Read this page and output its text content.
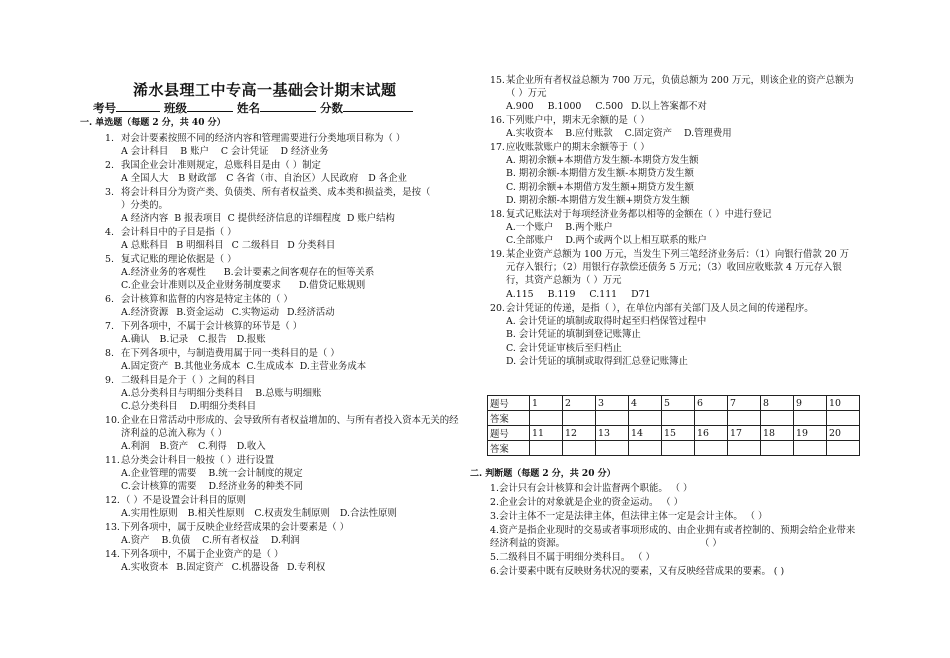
浠水县理工中专高一基础会计期末试题
考号	班级	姓名	分数
一. 单选题（每题 2 分，共 40 分）
1. 对会计要素按照不同的经济内容和管理需要进行分类地项目称为（ ）
A 会计科目 B 账户 C 会计凭证 D 经济业务
2. 我国企业会计准则规定，总账科目是由（ ）制定
A 全国人大 B 财政部 C 各省（市、自治区）人民政府 D 各企业
3. 将会计科目分为资产类、负债类、所有者权益类、成本类和损益类，是按（ ）分类的。
A 经济内容 B 报表项目 C 提供经济信息的详细程度 D 账户结构
4. 会计科目中的子目是指（ ）
A 总账科目 B 明细科目 C 二级科目 D 分类科目
5. 复式记账的理论依据是（ ）
A.经济业务的客观性 B.会计要素之间客观存在的恒等关系
C.企业会计准则以及企业财务制度要求 D.借贷记账规则
6. 会计核算和监督的内容是特定主体的（ ）
A.经济资源 B.资金运动 C.实物运动 D.经济活动
7. 下列各项中，不属于会计核算的环节是（ ）
A.确认 B.记录 C.报告 D.报账
8. 在下列各项中，与制造费用属于同一类科目的是（ ）
A.固定资产 B.其他业务成本 C.生成成本 D.主营业务成本
9. 二级科目是介于（ ）之间的科目
A.总分类科目与明细分类科目 B.总账与明细账
C.总分类科目 D.明细分类科目
10. 企业在日常活动中形成的、会导致所有者权益增加的、与所有者投入资本无关的经济利益的总流入称为（ ）
A.利润 B.资产 C.利得 D.收入
11. 总分类会计科目一般按（ ）进行设置
A.企业管理的需要 B.统一会计制度的规定
C.会计核算的需要 D.经济业务的种类不同
12. （ ）不是设置会计科目的原则
A.实用性原则 B.相关性原则 C.权责发生制原则 D.合法性原则
13. 下列各项中，属于反映企业经营成果的会计要素是（ ）
A.资产 B.负债 C.所有者权益 D.利润
14. 下列各项中，不属于企业资产的是（ ）
A.实收资本 B.固定资产 C.机器设备 D.专利权
15. 某企业所有者权益总额为 700 万元，负债总额为 200 万元，则该企业的资产总额为（ ）万元
A.900 B.1000 C.500 D.以上答案都不对
16. 下列账户中，期末无余额的是（ ）
A.实收资本 B.应付账款 C.固定资产 D.管理费用
17. 应收账款账户的期末余额等于（ ）
A. 期初余额+本期借方发生额-本期贷方发生额
B. 期初余额-本期借方发生额-本期贷方发生额
C. 期初余额+本期借方发生额+期贷方发生额
D. 期初余额-本期借方发生额+期贷方发生额
18. 复式记账法对于每项经济业务都以相等的金额在（ ）中进行登记
A.一个账户 B.两个账户
C.全部账户 D.两个或两个以上相互联系的账户
19. 某企业资产总额为 100 万元，当发生下列三笔经济业务后：（1）向银行借款 20 万元存入银行；（2）用银行存款偿还债务 5 万元；（3）收回应收账款 4 万元存入银行，其资产总额为（ ）万元
A.115 B.119 C.111 D71
20. 会计凭证的传递，是指（ ），在单位内部有关部门及人员之间的传递程序。
A. 会计凭证的填制或取得时起至归档保管过程中
B. 会计凭证的填制到登记账簿止
C. 会计凭证审核后至归档止
D. 会计凭证的填制或取得到汇总登记账簿止
题号	1	2	3	4	5	6	7	8	9	10
答案										
题号	11	12	13	14	15	16	17	18	19	20
答案										
二. 判断题（每题 2 分，共 20 分）
1.会计只有会计核算和会计监督两个职能。 （ ）
2.企业会计的对象就是企业的资金运动。 （ ）
3.会计主体不一定是法律主体，但法律主体一定是会计主体。 （ ）
4.资产是指企业现时的交易或者事项形成的、由企业拥有或者控制的、预期会给企业带来经济利益的资源。	（ ）
5.二级科目不属于明细分类科目。 （ ）
6.会计要素中既有反映财务状况的要素，又有反映经营成果的要素。 ( )
